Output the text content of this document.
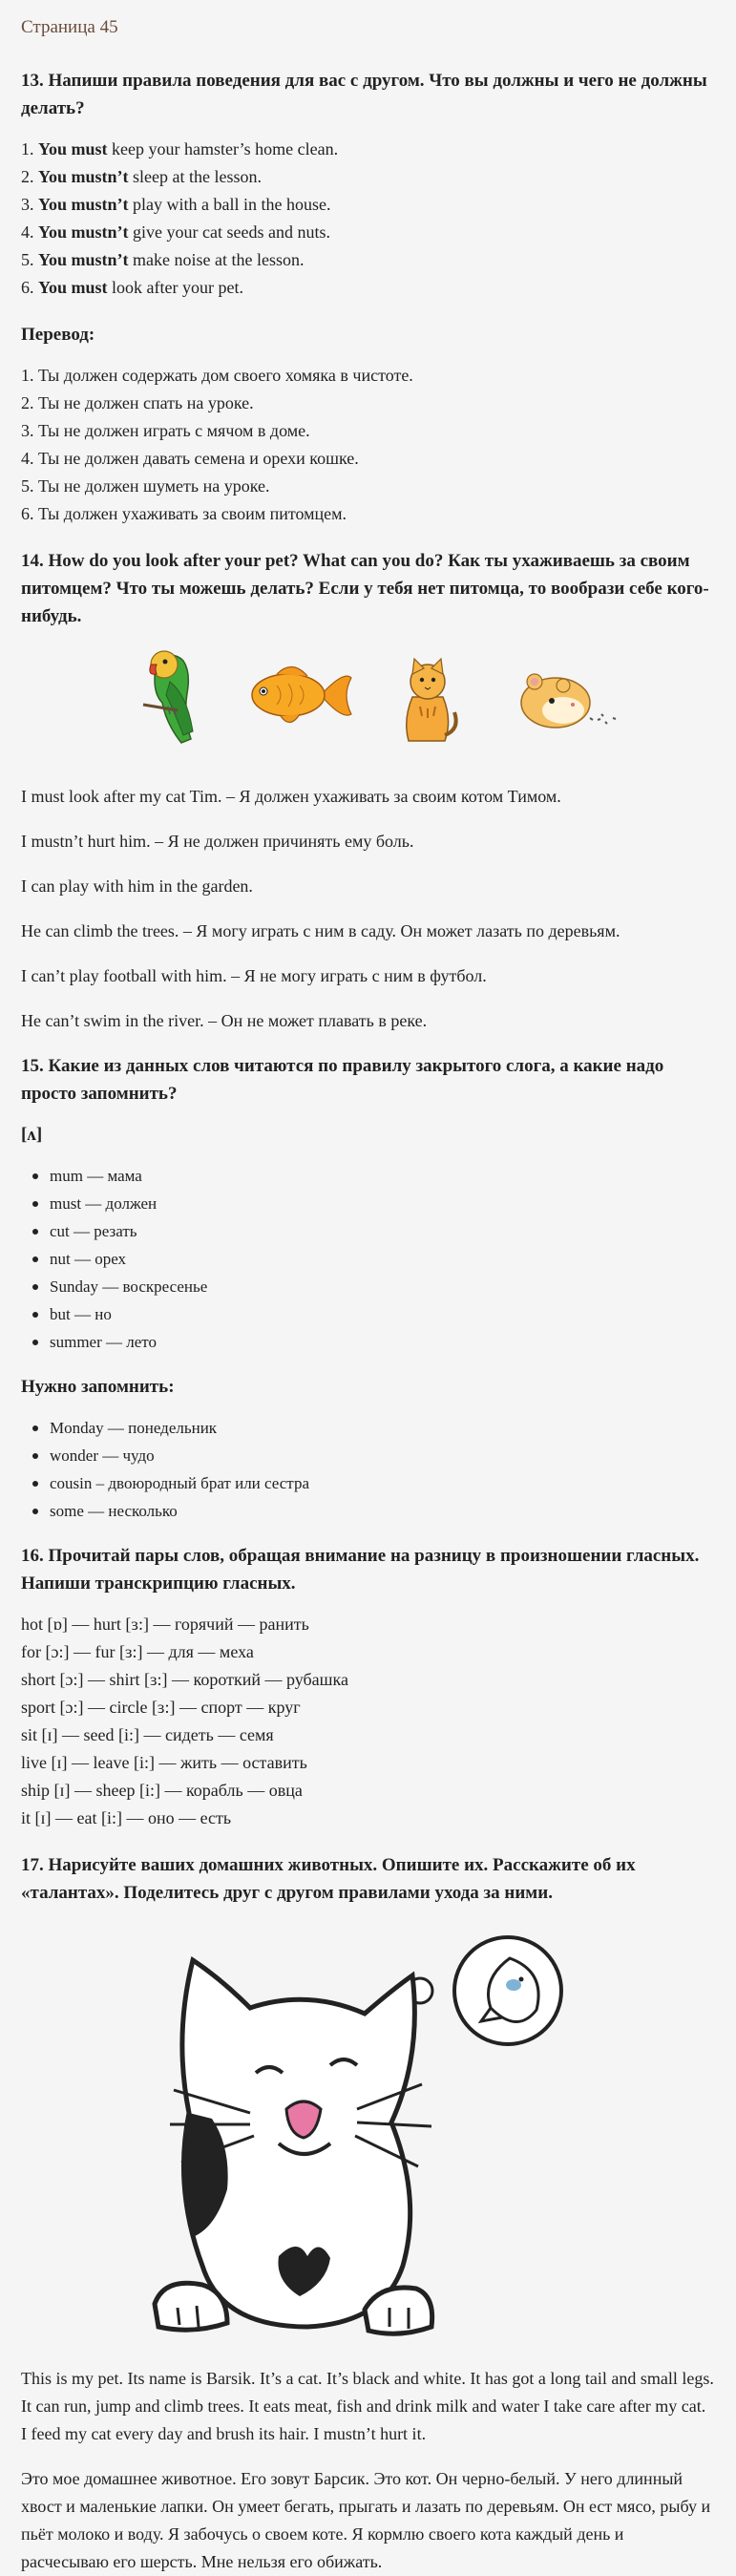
Страница 45
13. Напиши правила поведения для вас с другом. Что вы должны и чего не должны делать?

1. You must keep your hamster’s home clean.

2. You mustn’t sleep at the lesson.

3. You mustn’t play with a ball in the house.

4. You mustn’t give your cat seeds and nuts.

5. You mustn’t make noise at the lesson.

6. You must look after your pet.

Перевод:

1. Ты должен содержать дом своего хомяка в чистоте.

2. Ты не должен спать на уроке.

3. Ты не должен играть с мячом в доме.

4. Ты не должен давать семена и орехи кошке.

5. Ты не должен шуметь на уроке.

6. Ты должен ухаживать за своим питомцем.

14. How do you look after your pet? What can you do? Как ты ухаживаешь за своим питомцем? Что ты можешь делать? Если у тебя нет питомца, то вообрази себе кого-нибудь.

I must look after my cat Tim. – Я должен ухаживать за своим котом Тимом.

I mustn’t hurt him. – Я не должен причинять ему боль.

I can play with him in the garden.

He can climb the trees. – Я могу играть с ним в саду. Он может лазать по деревьям.

I can’t play football with him. – Я не могу играть с ним в футбол.

He can’t swim in the river. – Он не может плавать в реке.

15. Какие из данных слов читаются по правилу закрытого слога, а какие надо просто запомнить?
[ʌ]
mum — мама
must — должен
cut — резать
nut — орех
Sunday — воскресенье
but — но
summer — лето
Нужно запомнить:
Monday — понедельник
wonder — чудо
cousin – двоюродный брат или сестра
some — несколько
16. Прочитай пары слов, обращая внимание на разницу в произношении гласных. Напиши транскрипцию гласных.

hot [ɒ] — hurt [ɜ:] — горячий — ранить

for [ɔ:] — fur [ɜ:] — для — меха

short [ɔ:] — shirt [ɜ:] — короткий — рубашка

sport [ɔ:] — circle [ɜ:] — спорт — круг

sit [ɪ] — seed [i:] — сидеть — семя

live [ɪ] — leave [i:] — жить — оставить

ship [ɪ] — sheep [i:] — корабль — овца

it [ɪ] — eat [i:] — оно — есть

17. Нарисуйте ваших домашних животных. Опишите их. Расскажите об их «талантах». Поделитесь друг с другом правилами ухода за ними.

This is my pet. Its name is Barsik. It’s a cat. It’s black and white. It has got a long tail and small legs. It can run, jump and climb trees. It eats meat, fish and drink milk and water I take care after my cat. I feed my cat every day and brush its hair. I mustn’t hurt it.

Это мое домашнее животное. Его зовут Барсик. Это кот. Он черно-белый. У него длинный хвост и маленькие лапки. Он умеет бегать, прыгать и лазать по деревьям. Он ест мясо, рыбу и пьёт молоко и воду. Я забочусь о своем коте. Я кормлю своего кота каждый день и расчесываю его шерсть. Мне нельзя его обижать.
